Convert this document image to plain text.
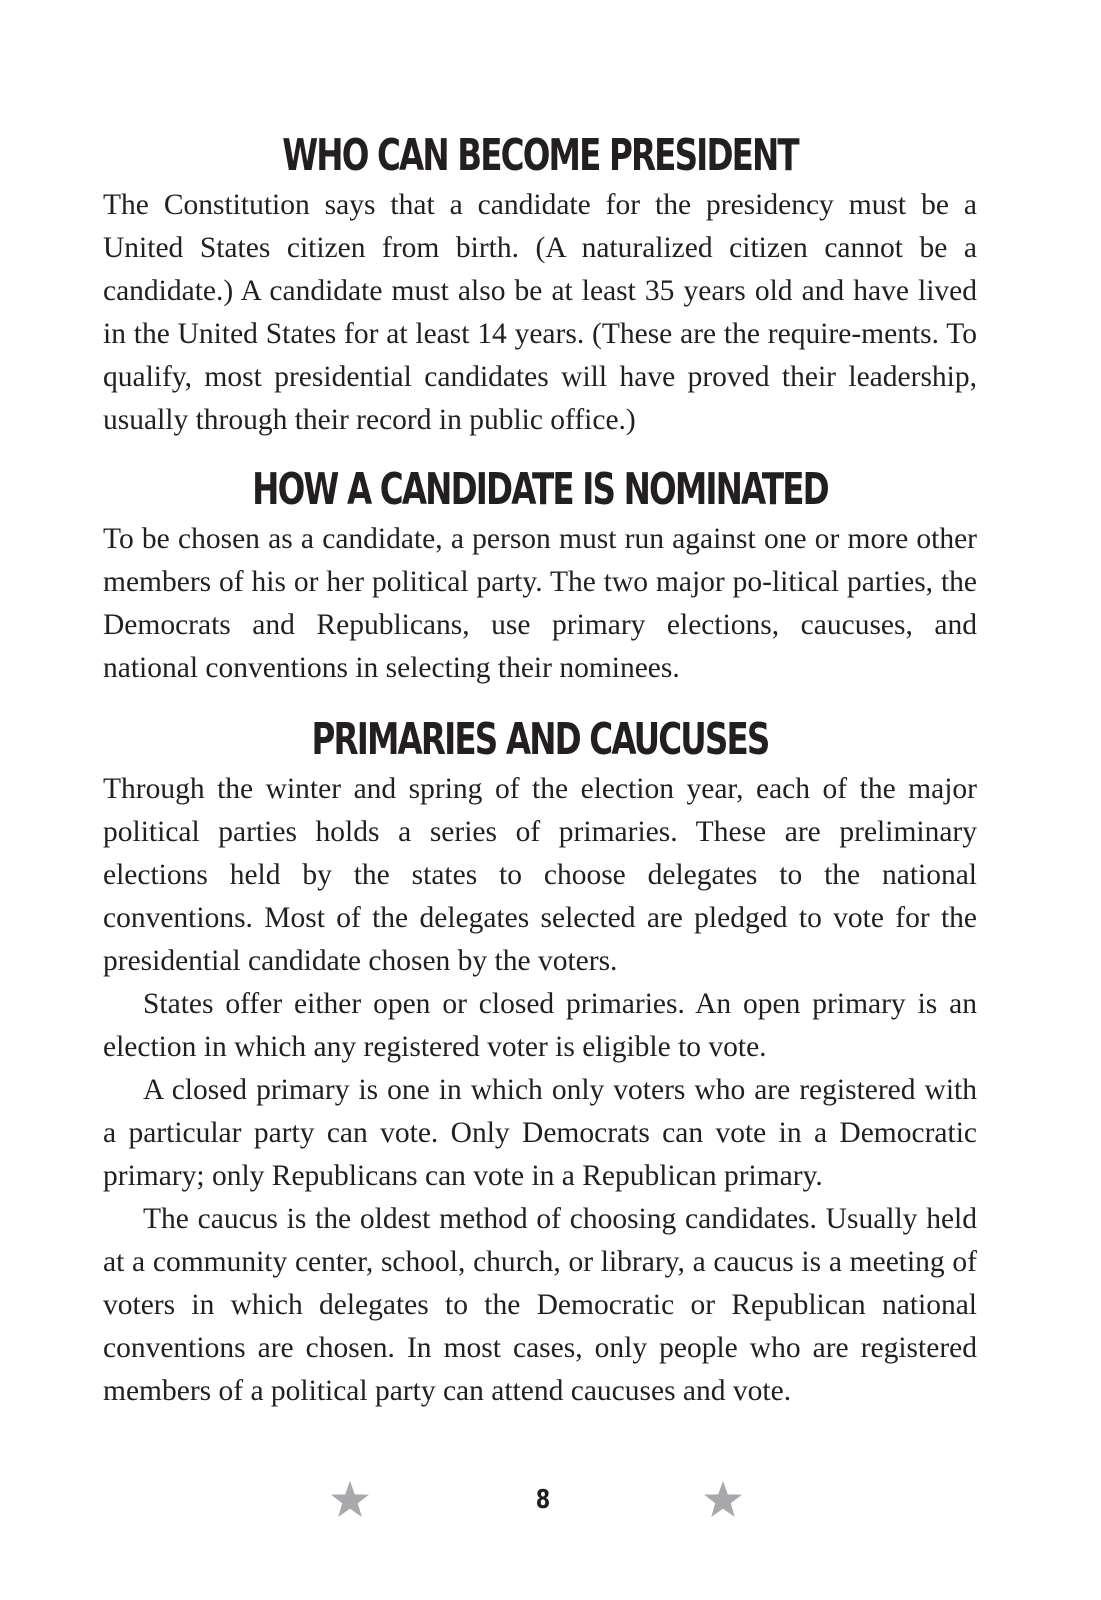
WHO CAN BECOME PRESIDENT

The Constitution says that a candidate for the presidency must be a United States citizen from birth. (A naturalized citizen cannot be a candidate.) A candidate must also be at least 35 years old and have lived in the United States for at least 14 years. (These are the require-ments. To qualify, most presidential candidates will have proved their leadership, usually through their record in public office.)

HOW A CANDIDATE IS NOMINATED

To be chosen as a candidate, a person must run against one or more other members of his or her political party. The two major po-litical parties, the Democrats and Republicans, use primary elections, caucuses, and national conventions in selecting their nominees.

PRIMARIES AND CAUCUSES

Through the winter and spring of the election year, each of the major political parties holds a series of primaries. These are preliminary elections held by the states to choose delegates to the national conventions. Most of the delegates selected are pledged to vote for the presidential candidate chosen by the voters.

States offer either open or closed primaries. An open primary is an election in which any registered voter is eligible to vote.

A closed primary is one in which only voters who are registered with a particular party can vote. Only Democrats can vote in a Democratic primary; only Republicans can vote in a Republican primary.

The caucus is the oldest method of choosing candidates. Usually held at a community center, school, church, or library, a caucus is a meeting of voters in which delegates to the Democratic or Republican national conventions are chosen. In most cases, only people who are registered members of a political party can attend caucuses and vote.

8
